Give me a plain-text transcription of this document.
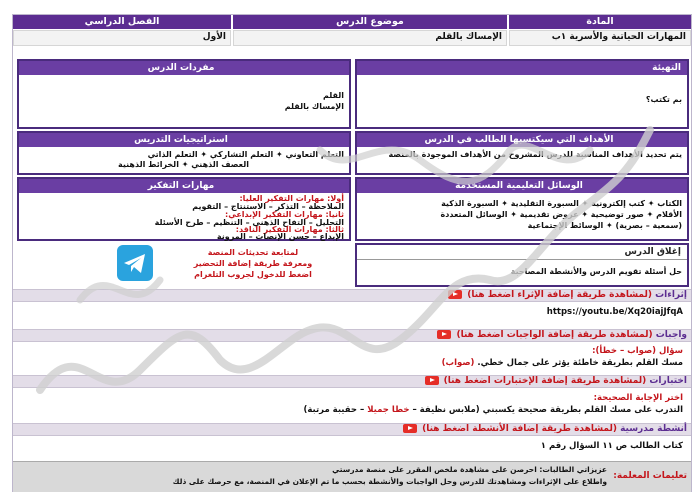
المادة
موضوع الدرس
الفصل الدراسي
المهارات الحياتية والأسرية ١ب
الإمساك بالقلم
الأول
التهيئة
بم تكتب؟
مفردات الدرس
القلم
الإمساك بالقلم
الأهداف التي سيكتسبها الطالب في الدرس
يتم تحديد الأهداف المناسبة للدرس المشروح من الأهداف الموجودة بالمنصة
استراتيجيات التدريس
التعلم التعاوني ✦ التعلم التشاركي ✦ التعلم الذاتي
العصف الذهني ✦ الخرائط الذهنية
الوسائل التعليمية المستخدمة
الكتاب ✦ كتب إلكترونية ✦ السبورة التقليدية ✦ السبورة الذكية
الأقلام ✦ صور توضيحية ✦ عروض تقديمية ✦ الوسائل المتعددة
(سمعية – بصرية) ✦ الوسائط الإجتماعية
مهارات التفكير
أولا: مهارات التفكير العليا:
الملاحظة – التذكر – الاستنتاج – التقويم
ثانيا: مهارات التفكير الإبداعي:
التحليل – التفاح الذهني – التنظيم – طرح الأسئلة
ثالثا: مهارات التفكير الناقد:
الإبداع – حسن الإنصات – المرونة
إغلاق الدرس
حل أسئلة تقويم الدرس والأنشطة المصاحبة
لمتابعة تحديثات المنصة
ومعرفة طريقة إضافة التحضير
اضغط للدخول لجروب التلغرام
إثراءات (لمشاهدة طريقة إضافة الإثراء اضغط هنا)
https://youtu.be/Xq20iajJfqA
واجبات (لمشاهدة طريقة إضافة الواجبات اضغط هنا)
سؤال (صواب – خطأ):
مسك القلم بطريقة خاطئة يؤثر على جمال خطي. (صواب)
اختبارات (لمشاهدة طريقة إضافة الإختبارات اضغط هنا)
اختر الإجابة الصحيحة:
التدرب على مسك القلم بطريقة صحيحة يكسبني (ملابس نظيفة – خطا جميلا – حقيبة مرتبة)
أنشطة مدرسية (لمشاهدة طريقة إضافة الأنشطة اضغط هنا)
كتاب الطالب ص ١١ السؤال رقم ١
تعليمات المعلمة:
عزيزاتي الطالبات: احرصن على مشاهدة ملخص المقرر على منصة مدرستي
واطلاع على الإثراءات ومشاهدتك للدرس وحل الواجبات والأنشطة بحسب ما تم الإعلان في المنصة، مع حرصك على ذلك
